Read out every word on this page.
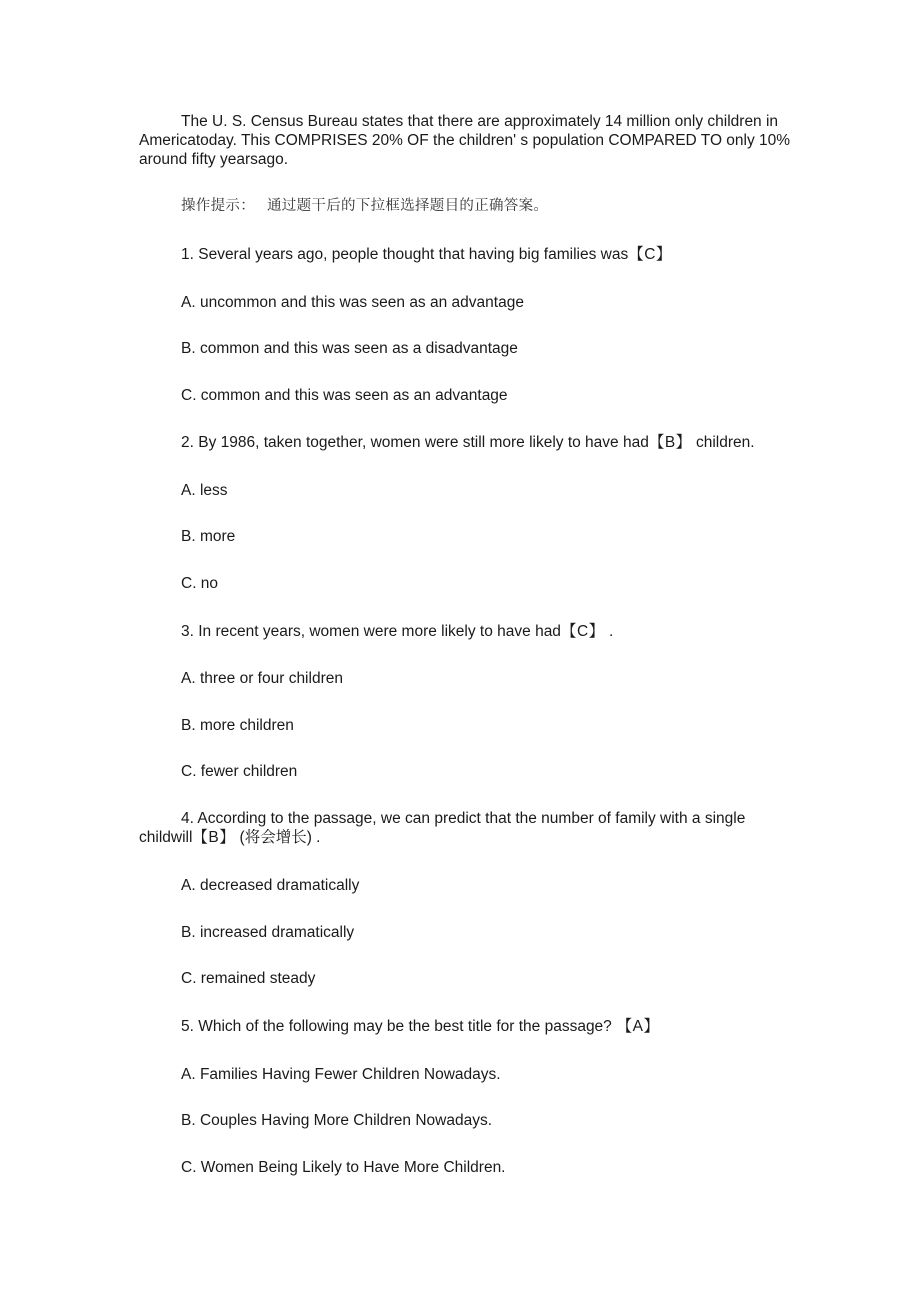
The U. S. Census Bureau states that there are approximately 14 million only children in Americatoday. This COMPRISES 20% OF the children' s population COMPARED TO only 10% around fifty yearsago.
操作提示： 通过题干后的下拉框选择题目的正确答案。
1. Several years ago, people thought that having big families was【C】
A. uncommon and this was seen as an advantage
B. common and this was seen as a disadvantage
C. common and this was seen as an advantage
2. By 1986, taken together, women were still more likely to have had【B】 children.
A. less
B. more
C. no
3. In recent years, women were more likely to have had【C】 .
A. three or four children
B. more children
C. fewer children
4. According to the passage, we can predict that the number of family with a single childwill【B】 (将会增长) .
A. decreased dramatically
B. increased dramatically
C. remained steady
5. Which of the following may be the best title for the passage? 【A】
A. Families Having Fewer Children Nowadays.
B. Couples Having More Children Nowadays.
C. Women Being Likely to Have More Children.
